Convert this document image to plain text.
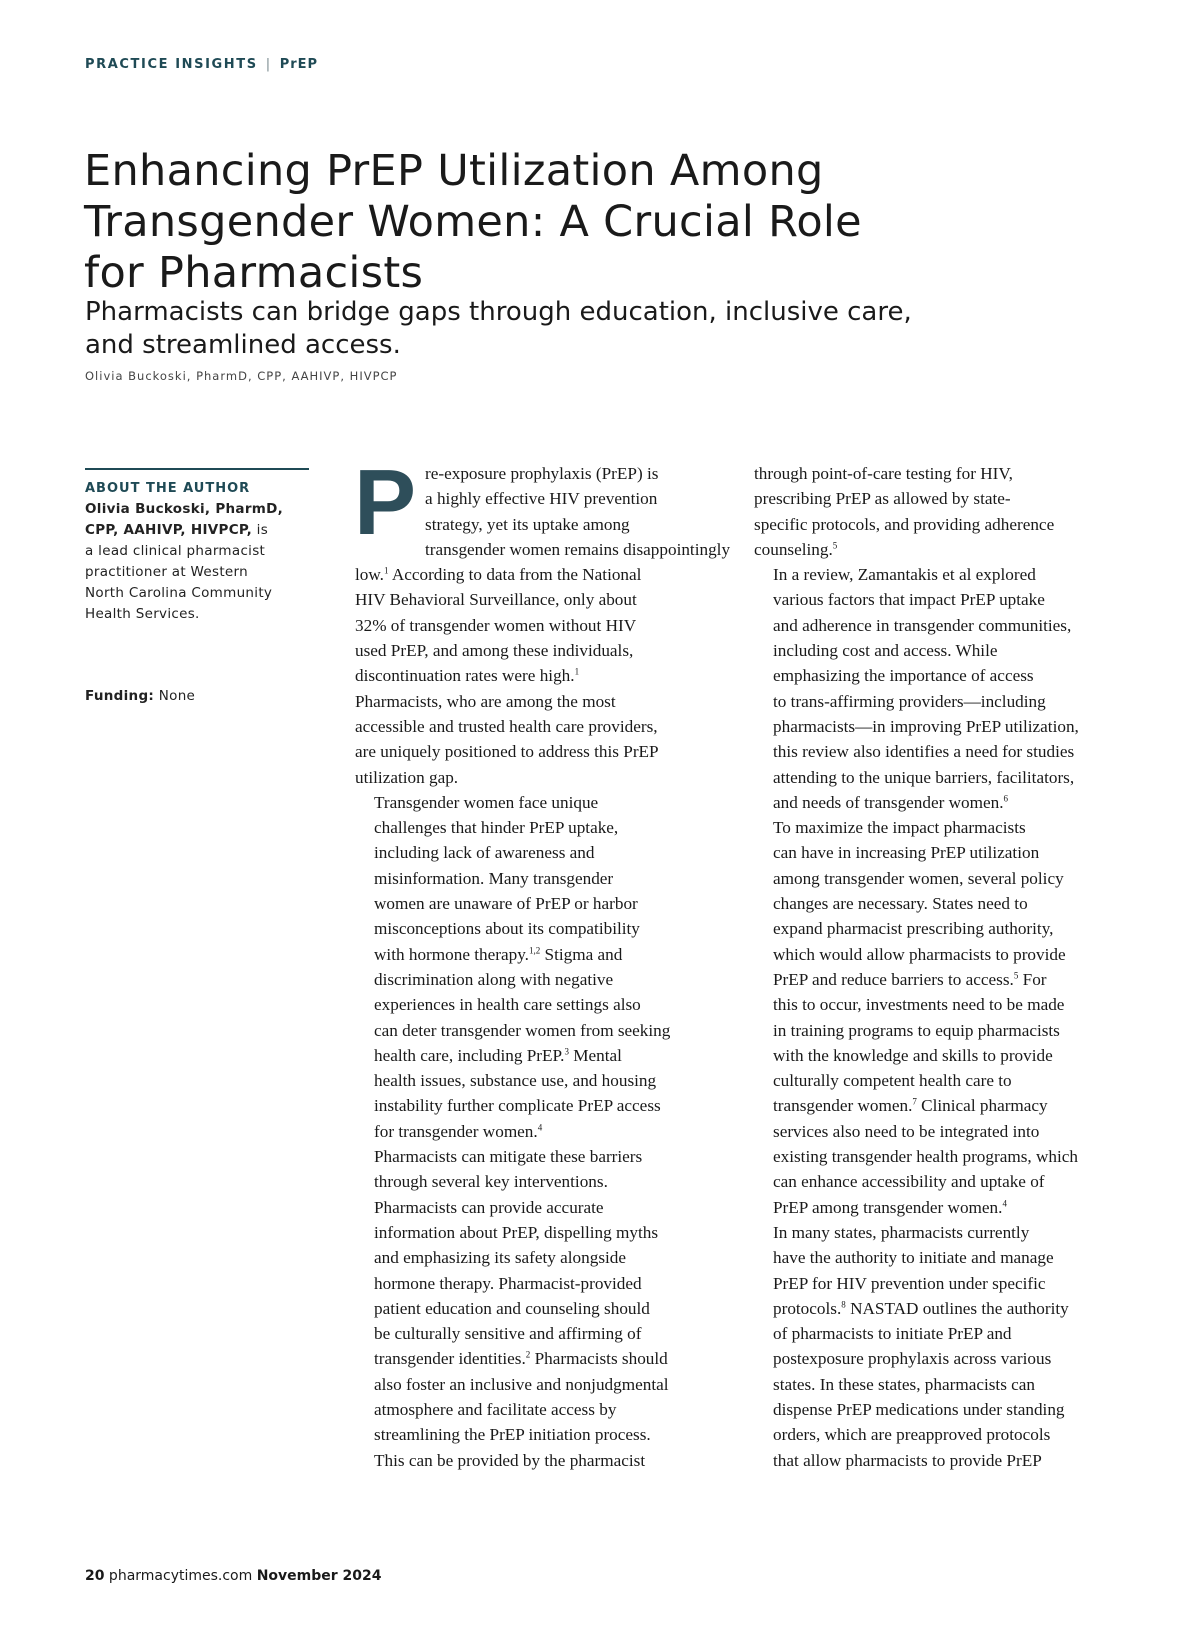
PRACTICE INSIGHTS | PrEP
Enhancing PrEP Utilization Among
Transgender Women: A Crucial Role
for Pharmacists
Pharmacists can bridge gaps through education, inclusive care,
and streamlined access.
Olivia Buckoski, PharmD, CPP, AAHIVP, HIVPCP
ABOUT THE AUTHOR
Olivia Buckoski, PharmD,
CPP, AAHIVP, HIVPCP, is
a lead clinical pharmacist
practitioner at Western
North Carolina Community
Health Services.
Funding: None

P re-exposure prophylaxis (PrEP) is
a highly effective HIV prevention
strategy, yet its uptake among
transgender women remains disappointingly
low.$^1$ According to data from the National
HIV Behavioral Surveillance, only about
32% of transgender women without HIV
used PrEP, and among these individuals,
discontinuation rates were high.$^1$
Pharmacists, who are among the most
accessible and trusted health care providers,
are uniquely positioned to address this PrEP
utilization gap.

Transgender women face unique
challenges that hinder PrEP uptake,
including lack of awareness and
misinformation. Many transgender
women are unaware of PrEP or harbor
misconceptions about its compatibility
with hormone therapy.$^{1,2}$ Stigma and
discrimination along with negative
experiences in health care settings also
can deter transgender women from seeking
health care, including PrEP.$^3$ Mental
health issues, substance use, and housing
instability further complicate PrEP access
for transgender women.$^4$

Pharmacists can mitigate these barriers
through several key interventions.
Pharmacists can provide accurate
information about PrEP, dispelling myths
and emphasizing its safety alongside
hormone therapy. Pharmacist-provided
patient education and counseling should
be culturally sensitive and affirming of
transgender identities.$^2$ Pharmacists should
also foster an inclusive and nonjudgmental
atmosphere and facilitate access by
streamlining the PrEP initiation process.
This can be provided by the pharmacist

through point-of-care testing for HIV,
prescribing PrEP as allowed by state-
specific protocols, and providing adherence
counseling.$^5$

In a review, Zamantakis et al explored
various factors that impact PrEP uptake
and adherence in transgender communities,
including cost and access. While
emphasizing the importance of access
to trans-affirming providers—including
pharmacists—in improving PrEP utilization,
this review also identifies a need for studies
attending to the unique barriers, facilitators,
and needs of transgender women.$^6$

To maximize the impact pharmacists
can have in increasing PrEP utilization
among transgender women, several policy
changes are necessary. States need to
expand pharmacist prescribing authority,
which would allow pharmacists to provide
PrEP and reduce barriers to access.$^5$ For
this to occur, investments need to be made
in training programs to equip pharmacists
with the knowledge and skills to provide
culturally competent health care to
transgender women.$^7$ Clinical pharmacy
services also need to be integrated into
existing transgender health programs, which
can enhance accessibility and uptake of
PrEP among transgender women.$^4$

In many states, pharmacists currently
have the authority to initiate and manage
PrEP for HIV prevention under specific
protocols.$^8$ NASTAD outlines the authority
of pharmacists to initiate PrEP and
postexposure prophylaxis across various
states. In these states, pharmacists can
dispense PrEP medications under standing
orders, which are preapproved protocols
that allow pharmacists to provide PrEP

20 pharmacytimes.com November 2024
